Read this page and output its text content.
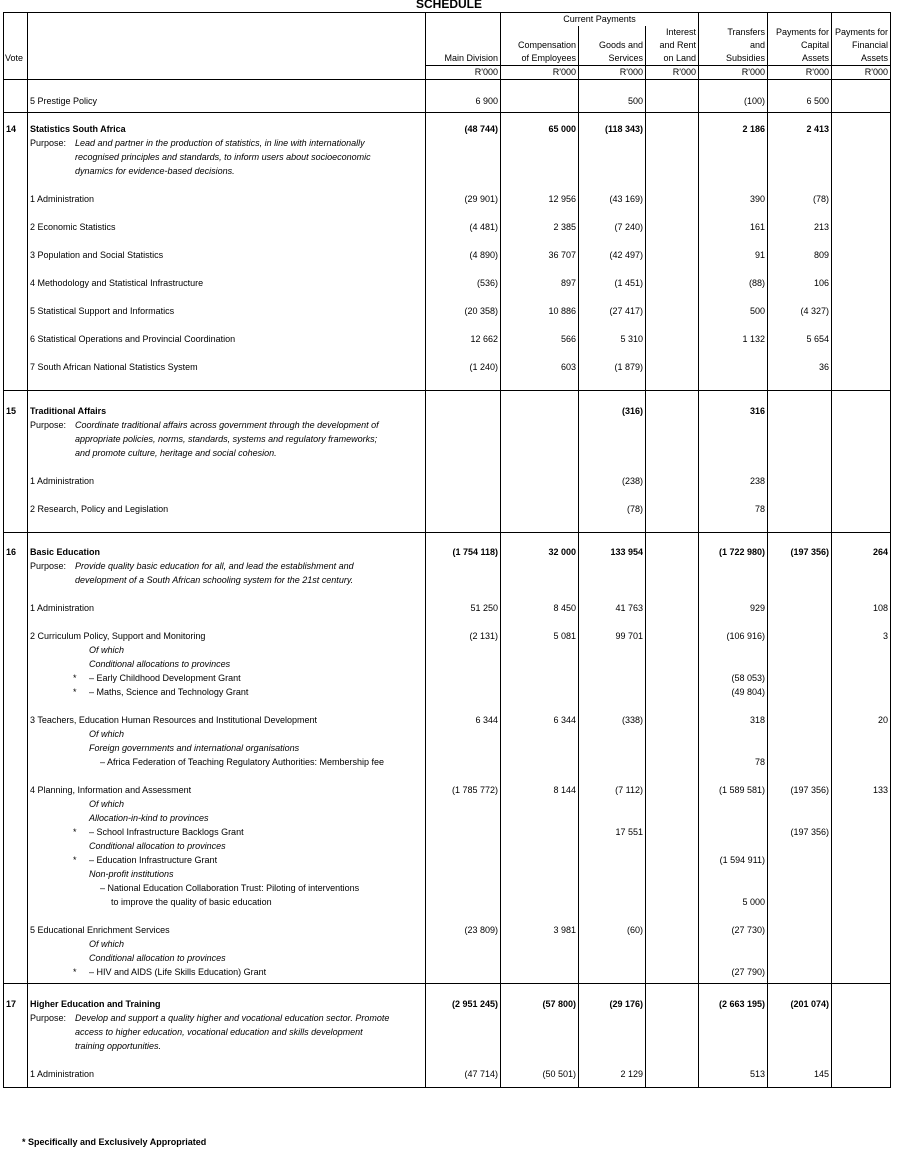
SCHEDULE
			Current Payments					
					Interest	Transfers	Payments for	Payments for
			Compensation	Goods and	and Rent	and	Capital	Financial
Vote		Main Division	of Employees	Services	on Land	Subsidies	Assets	Assets
		R'000	R'000	R'000	R'000	R'000	R'000	R'000

	5 Prestige Policy	6 900		500		(100)	6 500	

14	Statistics South Africa	(48 744)	65 000	(118 343)		2 186	2 413	

	Purpose: Lead and partner in the production of statistics, in line with internationally
recognised principles and standards, to inform users about socioeconomic
dynamics for evidence-based decisions.							

	1 Administration	(29 901)	12 956	(43 169)		390	(78)	

	2 Economic Statistics	(4 481)	2 385	(7 240)		161	213	

	3 Population and Social Statistics	(4 890)	36 707	(42 497)		91	809	

	4 Methodology and Statistical Infrastructure	(536)	897	(1 451)		(88)	106	

	5 Statistical Support and Informatics	(20 358)	10 886	(27 417)		500	(4 327)	

	6 Statistical Operations and Provincial Coordination	12 662	566	5 310		1 132	5 654	

	7 South African National Statistics System	(1 240)	603	(1 879)			36	

15	Traditional Affairs			(316)		316		

	Purpose: Coordinate traditional affairs across government through the development of
appropriate policies, norms, standards, systems and regulatory frameworks;
and promote culture, heritage and social cohesion.							

	1 Administration			(238)		238		

	2 Research, Policy and Legislation			(78)		78		

16	Basic Education	(1 754 118)	32 000	133 954		(1 722 980)	(197 356)	264

	Purpose: Provide quality basic education for all, and lead the establishment and
development of a South African schooling system for the 21st century.							

	1 Administration	51 250	8 450	41 763		929		108

	2 Curriculum Policy, Support and Monitoring	(2 131)	5 081	99 701		(106 916)		3
	Of which							
	Conditional allocations to provinces							
	* – Early Childhood Development Grant					(58 053)		
	* – Maths, Science and Technology Grant					(49 804)		

	3 Teachers, Education Human Resources and Institutional Development	6 344	6 344	(338)		318		20
	Of which							
	Foreign governments and international organisations							
	– Africa Federation of Teaching Regulatory Authorities: Membership fee					78		

	4 Planning, Information and Assessment	(1 785 772)	8 144	(7 112)		(1 589 581)	(197 356)	133
	Of which							
	Allocation-in-kind to provinces							
	* – School Infrastructure Backlogs Grant			17 551			(197 356)	
	Conditional allocation to provinces							
	* – Education Infrastructure Grant					(1 594 911)		
	Non-profit institutions							
	– National Education Collaboration Trust: Piloting of interventions							
	to improve the quality of basic education					5 000		

	5 Educational Enrichment Services	(23 809)	3 981	(60)		(27 730)		
	Of which							
	Conditional allocation to provinces							
	* – HIV and AIDS (Life Skills Education) Grant					(27 790)		

17	Higher Education and Training	(2 951 245)	(57 800)	(29 176)		(2 663 195)	(201 074)	

	Purpose: Develop and support a quality higher and vocational education sector. Promote
access to higher education, vocational education and skills development
training opportunities.							

	1 Administration	(47 714)	(50 501)	2 129		513	145	

* Specifically and Exclusively Appropriated
